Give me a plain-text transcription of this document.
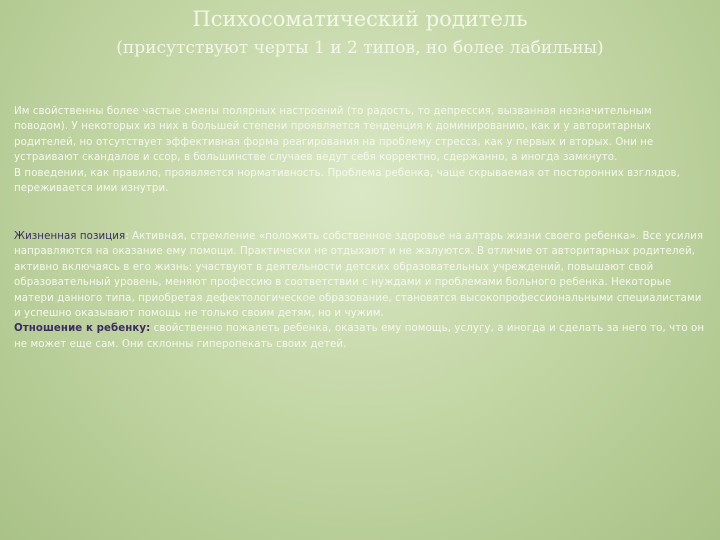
Психосоматический родитель
(присутствуют черты 1 и 2 типов, но более лабильны)
Им свойственны более частые смены полярных настроений (то радость, то депрессия, вызванная незначительным поводом). У некоторых из них в большей степени проявляется тенденция к доминированию, как и у авторитарных родителей, но отсутствует эффективная форма реагирования на проблему стресса, как у первых и вторых. Они не устраивают скандалов и ссор, в большинстве случаев ведут себя корректно, сдержанно, а иногда замкнуто.
В поведении, как правило, проявляется нормативность. Проблема ребенка, чаще скрываемая от посторонних взглядов, переживается ими изнутри.
Жизненная позиция: Активная, стремление «положить собственное здоровье на алтарь жизни своего ребенка». Все усилия направляются на оказание ему помощи. Практически не отдыхают и не жалуются. В отличие от авторитарных родителей, активно включаясь в его жизнь: участвуют в деятельности детских образовательных учреждений, повышают свой образовательный уровень, меняют профессию в соответствии с нуждами и проблемами больного ребенка. Некоторые матери данного типа, приобретая дефектологическое образование, становятся высокопрофессиональными специалистами и успешно оказывают помощь не только своим детям, но и чужим.
Отношение к ребенку: свойственно пожалеть ребенка, оказать ему помощь, услугу, а иногда и сделать за него то, что он не может еще сам. Они склонны гиперопекать своих детей.
